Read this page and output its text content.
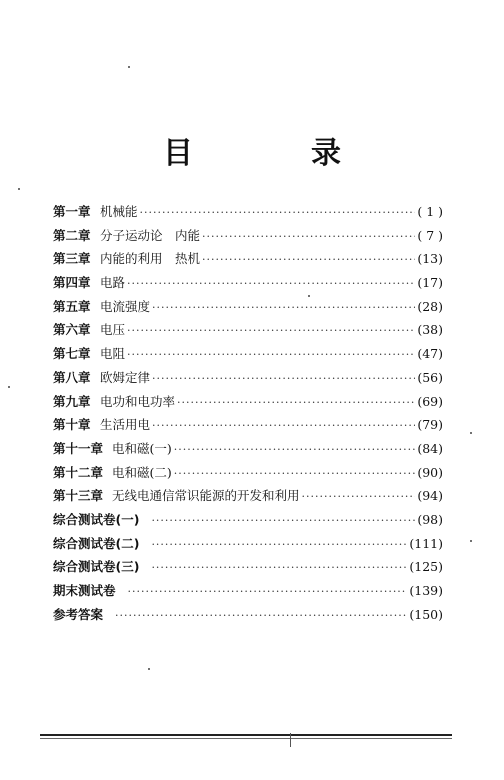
目　录
第一章 机械能 ·····	( 1 )
第二章 分子运动论　内能 ·····	( 7 )
第三章 内能的利用　热机 ·····	(13)
第四章 电路 ·····	(17)
第五章 电流强度 ·····	(28)
第六章 电压 ·····	(38)
第七章 电阻 ·····	(47)
第八章 欧姆定律 ·····	(56)
第九章 电功和电功率 ·····	(69)
第十章 生活用电 ·····	(79)
第十一章 电和磁(一) ·····	(84)
第十二章 电和磁(二) ·····	(90)
第十三章 无线电通信常识能源的开发和利用 ·····	(94)
综合测试卷(一) ·····	(98)
综合测试卷(二) ·····	(111)
综合测试卷(三) ·····	(125)
期末测试卷 ·····	(139)
参考答案 ·····	(150)
